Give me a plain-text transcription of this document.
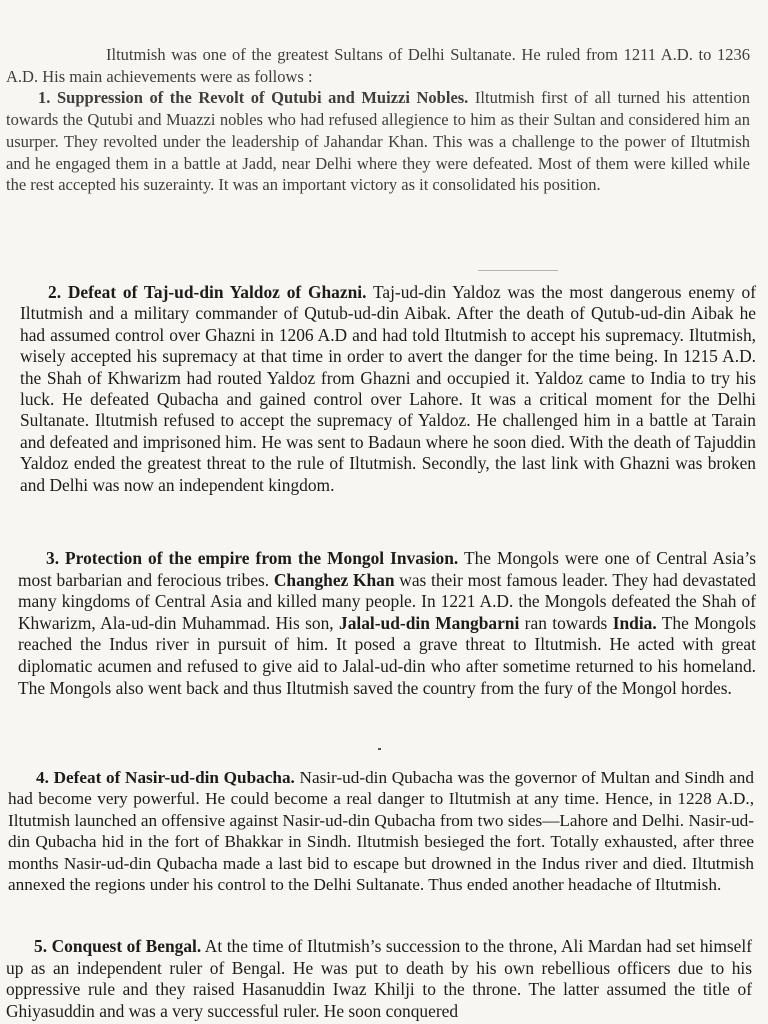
Iltutmish was one of the greatest Sultans of Delhi Sultanate. He ruled from 1211 A.D. to 1236 A.D. His main achievements were as follows :
1. Suppression of the Revolt of Qutubi and Muizzi Nobles. Iltutmish first of all turned his attention towards the Qutubi and Muazzi nobles who had refused allegience to him as their Sultan and considered him an usurper. They revolted under the leadership of Jahandar Khan. This was a challenge to the power of Iltutmish and he engaged them in a battle at Jadd, near Delhi where they were defeated. Most of them were killed while the rest accepted his suzerainty. It was an important victory as it consolidated his position.

2. Defeat of Taj-ud-din Yaldoz of Ghazni. Taj-ud-din Yaldoz was the most dangerous enemy of Iltutmish and a military commander of Qutub-ud-din Aibak. After the death of Qutub-ud-din Aibak he had assumed control over Ghazni in 1206 A.D and had told Iltutmish to accept his supremacy. Iltutmish, wisely accepted his supremacy at that time in order to avert the danger for the time being. In 1215 A.D. the Shah of Khwarizm had routed Yaldoz from Ghazni and occupied it. Yaldoz came to India to try his luck. He defeated Qubacha and gained control over Lahore. It was a critical moment for the Delhi Sultanate. Iltutmish refused to accept the supremacy of Yaldoz. He challenged him in a battle at Tarain and defeated and imprisoned him. He was sent to Badaun where he soon died. With the death of Tajuddin Yaldoz ended the greatest threat to the rule of Iltutmish. Secondly, the last link with Ghazni was broken and Delhi was now an independent kingdom.

3. Protection of the empire from the Mongol Invasion. The Mongols were one of Central Asia’s most barbarian and ferocious tribes. Changhez Khan was their most famous leader. They had devastated many kingdoms of Central Asia and killed many people. In 1221 A.D. the Mongols defeated the Shah of Khwarizm, Ala-ud-din Muhammad. His son, Jalal-ud-din Mangbarni ran towards India. The Mongols reached the Indus river in pursuit of him. It posed a grave threat to Iltutmish. He acted with great diplomatic acumen and refused to give aid to Jalal-ud-din who after sometime returned to his homeland. The Mongols also went back and thus Iltutmish saved the country from the fury of the Mongol hordes.

4. Defeat of Nasir-ud-din Qubacha. Nasir-ud-din Qubacha was the governor of Multan and Sindh and had become very powerful. He could become a real danger to Iltutmish at any time. Hence, in 1228 A.D., Iltutmish launched an offensive against Nasir-ud-din Qubacha from two sides—Lahore and Delhi. Nasir-ud-din Qubacha hid in the fort of Bhakkar in Sindh. Iltutmish besieged the fort. Totally exhausted, after three months Nasir-ud-din Qubacha made a last bid to escape but drowned in the Indus river and died. Iltutmish annexed the regions under his control to the Delhi Sultanate. Thus ended another headache of Iltutmish.

5. Conquest of Bengal. At the time of Iltutmish’s succession to the throne, Ali Mardan had set himself up as an independent ruler of Bengal. He was put to death by his own rebellious officers due to his oppressive rule and they raised Hasanuddin Iwaz Khilji to the throne. The latter assumed the title of Ghiyasuddin and was a very successful ruler. He soon conquered
